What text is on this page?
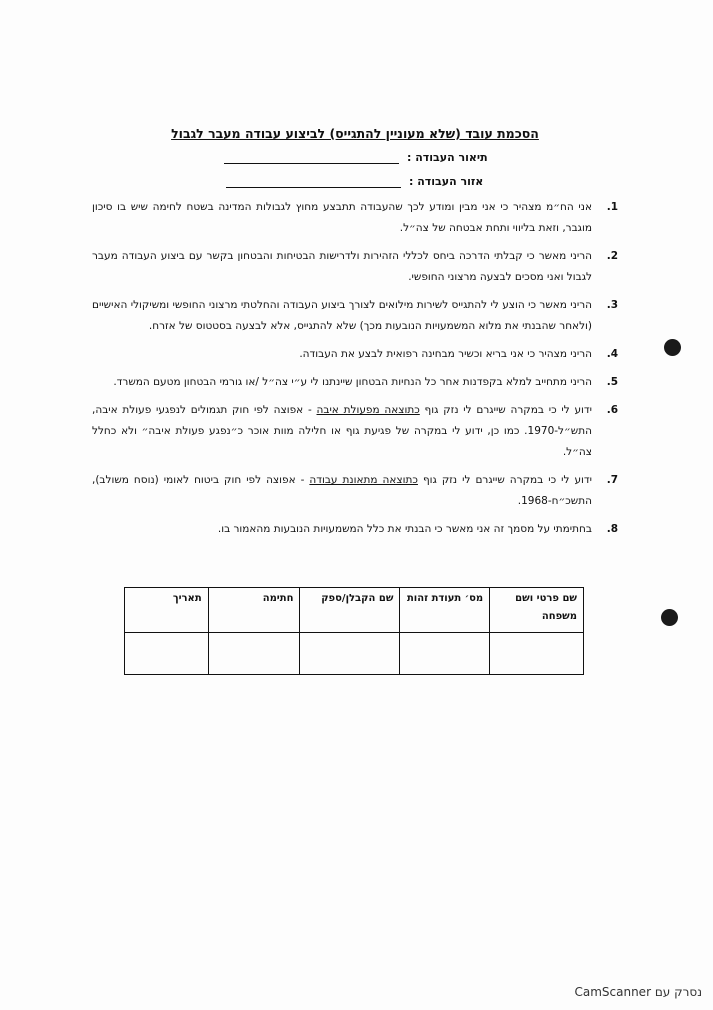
הסכמת עובד (שלא מעוניין להתגייס) לביצוע עבודה מעבר לגבול
תיאור העבודה :
אזור העבודה :
1.
אני הח״מ מצהיר כי אני מבין ומודע לכך שהעבודה תתבצע מחוץ לגבולות המדינה בשטח לחימה שיש בו סיכון מוגבר, וזאת בליווי ותחת אבטחה של צה״ל.
2.
הריני מאשר כי קבלתי הדרכה ביחס לכללי הזהירות ולדרישות הבטיחות והבטחון בקשר עם ביצוע העבודה מעבר לגבול ואני מסכים לבצעה מרצוני החופשי.
3.
הריני מאשר כי הוצע לי להתגייס לשירות מילואים לצורך ביצוע העבודה והחלטתי מרצוני החופשי ומשיקולי האישיים (ולאחר שהבנתי את מלוא המשמעויות הנובעות מכך) שלא להתגייס, אלא לבצעה בסטטוס של אזרח.
4.
הריני מצהיר כי אני בריא וכשיר מבחינה רפואית לבצע את העבודה.
5.
הריני מתחייב למלא בקפדנות אחר כל הנחיות הבטחון שיינתנו לי ע״י צה״ל /או גורמי הבטחון מטעם המשרד.
6.
ידוע לי כי במקרה שייגרם לי נזק גוף כתוצאה מפעולת איבה - אפוצה לפי חוק תגמולים לנפגעי פעולת איבה, התש״ל-1970. כמו כן, ידוע לי במקרה של פגיעת גוף או חלילה מוות אוכר כ״נפגע פעולת איבה״ ולא כחלל צה״ל.
7.
ידוע לי כי במקרה שייגרם לי נזק גוף כתוצאה מתאונת עבודה - אפוצה לפי חוק ביטוח לאומי (נוסח משולב), התשכ״ח-1968.
8.
בחתימתי על מסמך זה אני מאשר כי הבנתי את כלל המשמעויות הנובעות מהאמור בו.
שם פרטי ושם משפחה	מס׳ תעודת זהות	שם הקבלן/ספק	חתימה	תאריך

נסרק עם CamScanner
